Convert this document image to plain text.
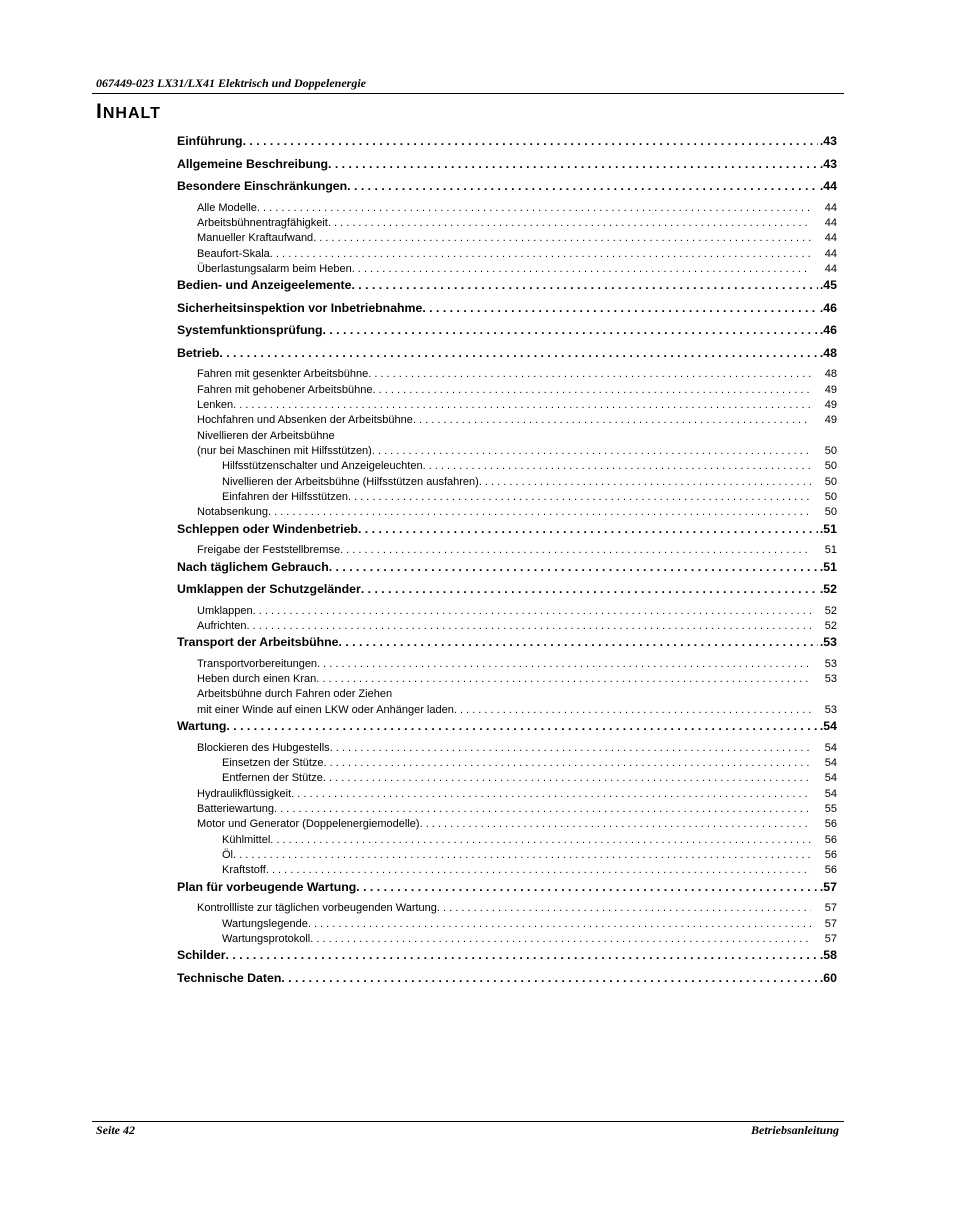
067449-023 LX31/LX41 Elektrisch und Doppelenergie
INHALT
Einführung . . .	.43
Allgemeine Beschreibung . . .	.43
Besondere Einschränkungen . . .	.44
Alle Modelle . . .	44
Arbeitsbühnentragfähigkeit . . .	44
Manueller Kraftaufwand . . .	44
Beaufort-Skala . . .	44
Überlastungsalarm beim Heben . . .	44
Bedien- und Anzeigeelemente . . .	.45
Sicherheitsinspektion vor Inbetriebnahme . . .	.46
Systemfunktionsprüfung . . .	.46
Betrieb . . .	.48
Fahren mit gesenkter Arbeitsbühne . . .	48
Fahren mit gehobener Arbeitsbühne . . .	49
Lenken . . .	49
Hochfahren und Absenken der Arbeitsbühne . . .	49
Nivellieren der Arbeitsbühne
(nur bei Maschinen mit Hilfsstützen) . . .	50
Hilfsstützenschalter und Anzeigeleuchten . . .	50
Nivellieren der Arbeitsbühne (Hilfsstützen ausfahren) . . .	50
Einfahren der Hilfsstützen . . .	50
Notabsenkung . . .	50
Schleppen oder Windenbetrieb . . .	.51
Freigabe der Feststellbremse . . .	51
Nach täglichem Gebrauch . . .	.51
Umklappen der Schutzgeländer . . .	.52
Umklappen . . .	52
Aufrichten . . .	52
Transport der Arbeitsbühne . . .	.53
Transportvorbereitungen . . .	53
Heben durch einen Kran . . .	53
Arbeitsbühne durch Fahren oder Ziehen
mit einer Winde auf einen LKW oder Anhänger laden . . .	53
Wartung . . .	.54
Blockieren des Hubgestells . . .	54
Einsetzen der Stütze . . .	54
Entfernen der Stütze . . .	54
Hydraulikflüssigkeit . . .	54
Batteriewartung . . .	55
Motor und Generator (Doppelenergiemodelle) . . .	56
Kühlmittel . . .	56
Öl . . .	56
Kraftstoff . . .	56
Plan für vorbeugende Wartung . . .	.57
Kontrollliste zur täglichen vorbeugenden Wartung . . .	57
Wartungslegende . . .	57
Wartungsprotokoll . . .	57
Schilder . . .	.58
Technische Daten . . .	.60
Seite 42	Betriebsanleitung
